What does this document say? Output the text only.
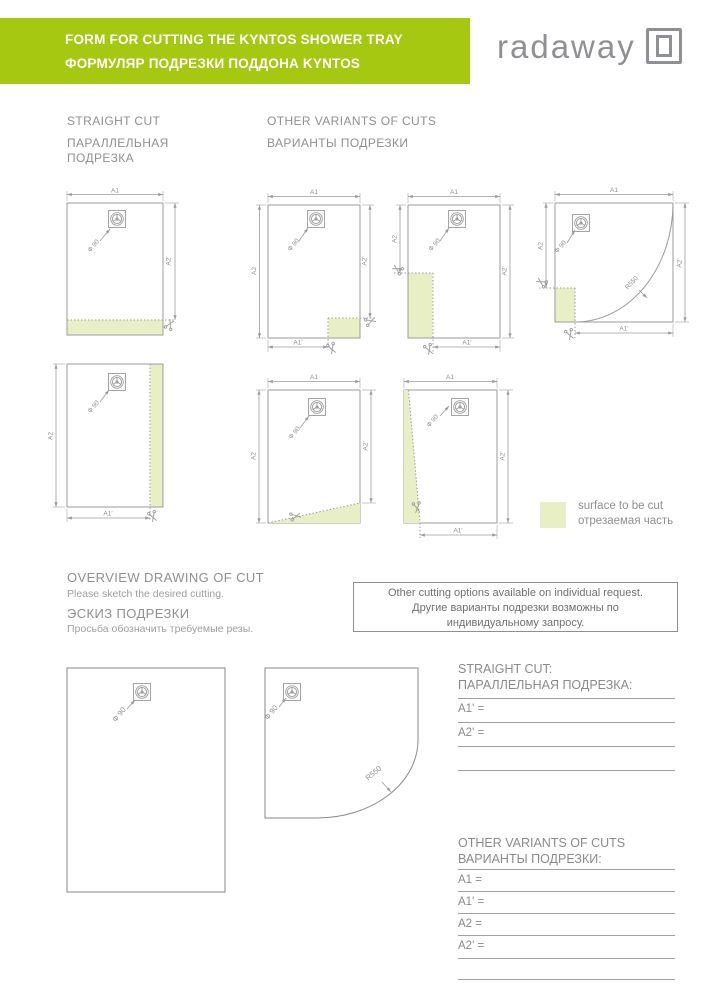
FORM FOR CUTTING THE KYNTOS SHOWER TRAY
ФОРМУЛЯР ПОДРЕЗКИ ПОДДОНА KYNTOS	radaway
STRAIGHT CUT
ПАРАЛЛЕЛЬНАЯ
ПОДРЕЗКА
OTHER VARIANTS OF CUTS
ВАРИАНТЫ ПОДРЕЗКИ
A1
A2'
Ф 90
A1
A2
A2'
A1'
Ф 90
A1
A2
A2'
A1'
Ф 90
A1
A2
A2'
A1'
R550
Ф 90
A2
A1'
Ф 90
A1
A2
A2'
Ф 90
A1
A2'
A1'
Ф 90
surface to be cut
отрезаемая часть
OVERVIEW DRAWING OF CUT
Please sketch the desired cutting.
ЭСКИЗ ПОДРЕЗКИ
Просьба обозначить требуемые резы.
Other cutting options available on individual request.
Другие варианты подрезки возможны по
индивидуальному запросу.
Ф 90	Ф 90
R550
STRAIGHT CUT:
ПАРАЛЛЕЛЬНАЯ ПОДРЕЗКА:
A1' =
A2' =
OTHER VARIANTS OF CUTS
ВАРИАНТЫ ПОДРЕЗКИ:
A1 =
A1' =
A2 =
A2' =
